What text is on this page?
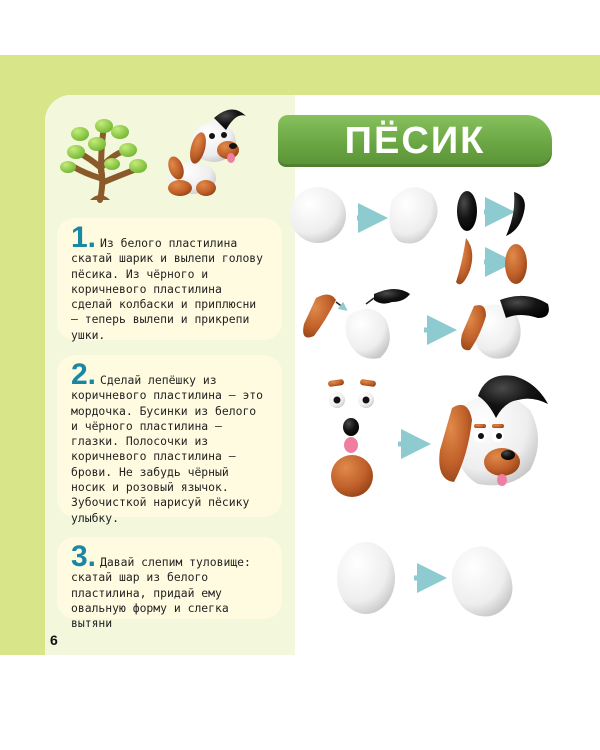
ПЁСИК

1. Из белого пластилина скатай шарик и вылепи голову пёсика. Из чёрного и коричневого пластилина сделай колбаски и приплюсни — теперь вылепи и прикрепи ушки.

2. Сделай лепёшку из коричневого пластилина — это мордочка. Бусинки из белого и чёрного пластилина — глазки. Полосочки из коричневого пластилина — брови. Не забудь чёрный носик и розовый язычок. Зубочисткой нарисуй пёсику улыбку.

3. Давай слепим туловище: скатай шар из белого пластилина, придай ему овальную форму и слегка вытяни

6
